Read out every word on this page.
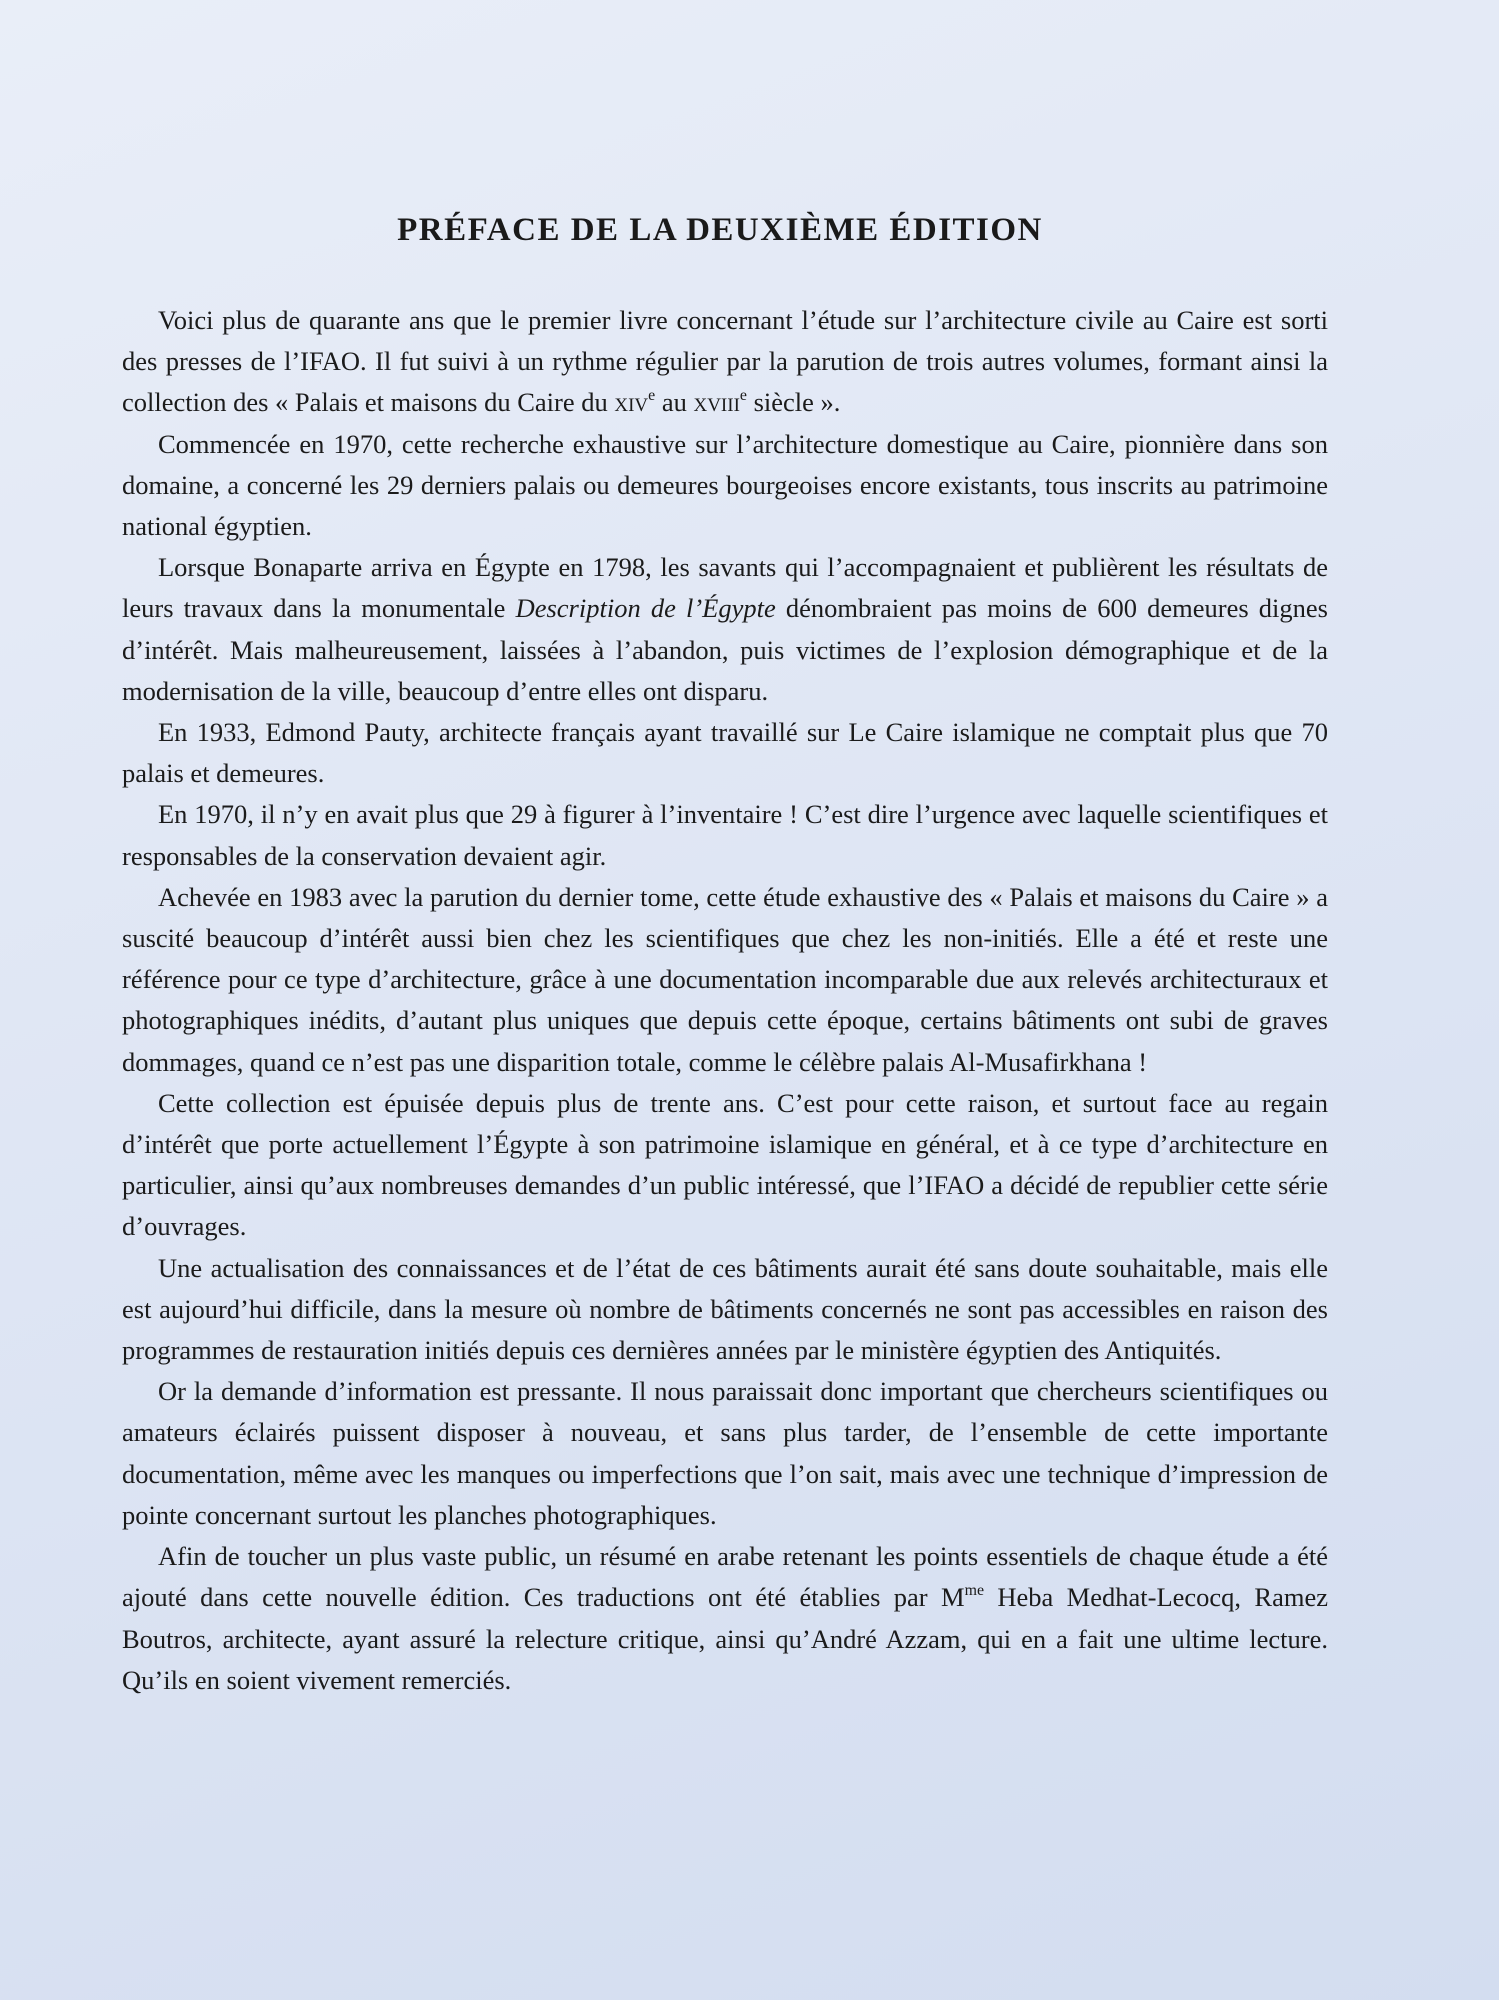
PRÉFACE DE LA DEUXIÈME ÉDITION

Voici plus de quarante ans que le premier livre concernant l’étude sur l’architecture civile au Caire est sorti des presses de l’IFAO. Il fut suivi à un rythme régulier par la parution de trois autres volumes, formant ainsi la collection des « Palais et maisons du Caire du xiv$^e$ au xviii$^e$ siècle ».

Commencée en 1970, cette recherche exhaustive sur l’architecture domestique au Caire, pionnière dans son domaine, a concerné les 29 derniers palais ou demeures bourgeoises encore existants, tous inscrits au patrimoine national égyptien.

Lorsque Bonaparte arriva en Égypte en 1798, les savants qui l’accompagnaient et publièrent les résultats de leurs travaux dans la monumentale Description de l’Égypte dénombraient pas moins de 600 demeures dignes d’intérêt. Mais malheureusement, laissées à l’abandon, puis victimes de l’explosion démographique et de la modernisation de la ville, beaucoup d’entre elles ont disparu.

En 1933, Edmond Pauty, architecte français ayant travaillé sur Le Caire islamique ne comptait plus que 70 palais et demeures.

En 1970, il n’y en avait plus que 29 à figurer à l’inventaire ! C’est dire l’urgence avec laquelle scientifiques et responsables de la conservation devaient agir.

Achevée en 1983 avec la parution du dernier tome, cette étude exhaustive des « Palais et maisons du Caire » a suscité beaucoup d’intérêt aussi bien chez les scientifiques que chez les non-initiés. Elle a été et reste une référence pour ce type d’architecture, grâce à une documentation incomparable due aux relevés architecturaux et photographiques inédits, d’autant plus uniques que depuis cette époque, certains bâtiments ont subi de graves dommages, quand ce n’est pas une disparition totale, comme le célèbre palais Al-Musafirkhana !

Cette collection est épuisée depuis plus de trente ans. C’est pour cette raison, et surtout face au regain d’intérêt que porte actuellement l’Égypte à son patrimoine islamique en général, et à ce type d’architecture en particulier, ainsi qu’aux nombreuses demandes d’un public intéressé, que l’IFAO a décidé de republier cette série d’ouvrages.

Une actualisation des connaissances et de l’état de ces bâtiments aurait été sans doute souhaitable, mais elle est aujourd’hui difficile, dans la mesure où nombre de bâtiments concernés ne sont pas accessibles en raison des programmes de restauration initiés depuis ces dernières années par le ministère égyptien des Antiquités.

Or la demande d’information est pressante. Il nous paraissait donc important que chercheurs scientifiques ou amateurs éclairés puissent disposer à nouveau, et sans plus tarder, de l’ensemble de cette importante documentation, même avec les manques ou imperfections que l’on sait, mais avec une technique d’impression de pointe concernant surtout les planches photographiques.

Afin de toucher un plus vaste public, un résumé en arabe retenant les points essentiels de chaque étude a été ajouté dans cette nouvelle édition. Ces traductions ont été établies par $M^{me}$ Heba Medhat-Lecocq, Ramez Boutros, architecte, ayant assuré la relecture critique, ainsi qu’André Azzam, qui en a fait une ultime lecture. Qu’ils en soient vivement remerciés.
